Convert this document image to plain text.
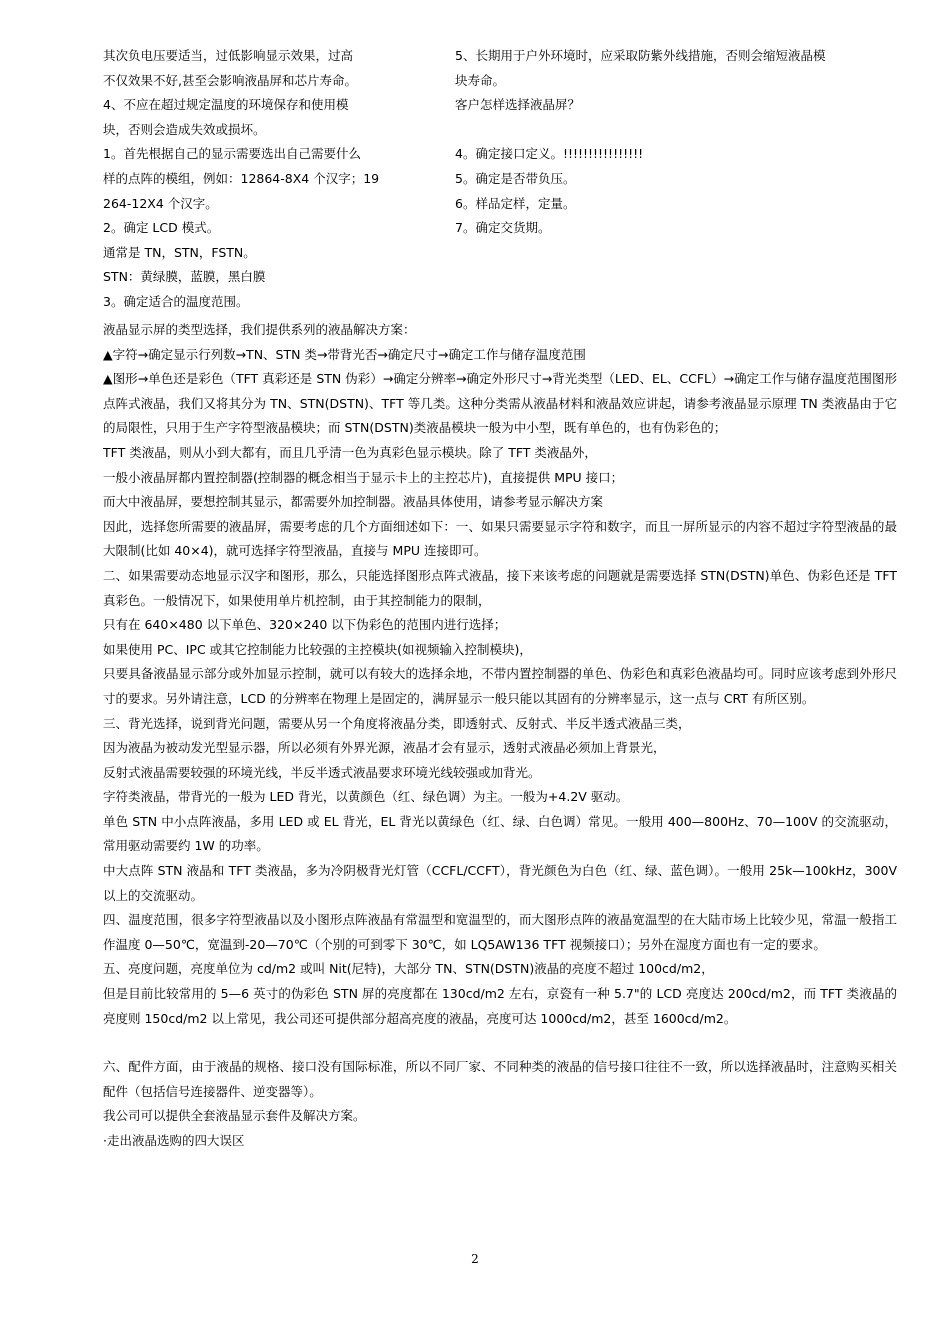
其次负电压要适当，过低影响显示效果，过高

不仅效果不好,甚至会影响液晶屏和芯片寿命。

4、不应在超过规定温度的环境保存和使用模

块，否则会造成失效或损坏。

1。首先根据自己的显示需要选出自己需要什么

样的点阵的模组，例如：12864-8X4 个汉字；19

264-12X4 个汉字。

2。确定 LCD 模式。

通常是 TN，STN，FSTN。

STN：黄绿膜，蓝膜，黑白膜

3。确定适合的温度范围。

5、长期用于户外环境时，应采取防紫外线措施，否则会缩短液晶模

块寿命。

客户怎样选择液晶屏？

4。确定接口定义。!!!!!!!!!!!!!!!!

5。确定是否带负压。

6。样品定样，定量。

7。确定交货期。

液晶显示屏的类型选择，我们提供系列的液晶解决方案：

▲字符→确定显示行列数→TN、STN 类→带背光否→确定尺寸→确定工作与储存温度范围

▲图形→单色还是彩色（TFT 真彩还是 STN 伪彩）→确定分辨率→确定外形尺寸→背光类型（LED、EL、CCFL）→确定工作与储存温度范围图形点阵式液晶，我们又将其分为 TN、STN(DSTN)、TFT 等几类。这种分类需从液晶材料和液晶效应讲起，请参考液晶显示原理 TN 类液晶由于它的局限性，只用于生产字符型液晶模块；而 STN(DSTN)类液晶模块一般为中小型，既有单色的，也有伪彩色的；

TFT 类液晶，则从小到大都有，而且几乎清一色为真彩色显示模块。除了 TFT 类液晶外，

一般小液晶屏都内置控制器(控制器的概念相当于显示卡上的主控芯片)，直接提供 MPU 接口；

而大中液晶屏，要想控制其显示，都需要外加控制器。液晶具体使用，请参考显示解决方案

因此，选择您所需要的液晶屏，需要考虑的几个方面细述如下：一、如果只需要显示字符和数字，而且一屏所显示的内容不超过字符型液晶的最大限制(比如 40×4)，就可选择字符型液晶，直接与 MPU 连接即可。

二、如果需要动态地显示汉字和图形，那么，只能选择图形点阵式液晶，接下来该考虑的问题就是需要选择 STN(DSTN)单色、伪彩色还是 TFT 真彩色。一般情况下，如果使用单片机控制，由于其控制能力的限制，

只有在 640×480 以下单色、320×240 以下伪彩色的范围内进行选择；

如果使用 PC、IPC 或其它控制能力比较强的主控模块(如视频输入控制模块)，

只要具备液晶显示部分或外加显示控制，就可以有较大的选择余地，不带内置控制器的单色、伪彩色和真彩色液晶均可。同时应该考虑到外形尺寸的要求。另外请注意，LCD 的分辨率在物理上是固定的，满屏显示一般只能以其固有的分辨率显示，这一点与 CRT 有所区别。

三、背光选择，说到背光问题，需要从另一个角度将液晶分类，即透射式、反射式、半反半透式液晶三类，

因为液晶为被动发光型显示器，所以必须有外界光源，液晶才会有显示，透射式液晶必须加上背景光，

反射式液晶需要较强的环境光线，半反半透式液晶要求环境光线较强或加背光。

字符类液晶，带背光的一般为 LED 背光，以黄颜色（红、绿色调）为主。一般为+4.2V 驱动。

单色 STN 中小点阵液晶，多用 LED 或 EL 背光，EL 背光以黄绿色（红、绿、白色调）常见。一般用 400—800Hz、70—100V 的交流驱动，常用驱动需要约 1W 的功率。

中大点阵 STN 液晶和 TFT 类液晶，多为冷阴极背光灯管（CCFL/CCFT），背光颜色为白色（红、绿、蓝色调）。一般用 25k—100kHz，300V 以上的交流驱动。

四、温度范围，很多字符型液晶以及小图形点阵液晶有常温型和宽温型的，而大图形点阵的液晶宽温型的在大陆市场上比较少见，常温一般指工作温度 0—50℃，宽温到-20—70℃（个别的可到零下 30℃，如 LQ5AW136 TFT 视频接口）；另外在湿度方面也有一定的要求。

五、亮度问题，亮度单位为 cd/m2 或叫 Nit(尼特)，大部分 TN、STN(DSTN)液晶的亮度不超过 100cd/m2，

但是目前比较常用的 5—6 英寸的伪彩色 STN 屏的亮度都在 130cd/m2 左右，京瓷有一种 5.7"的 LCD 亮度达 200cd/m2，而 TFT 类液晶的亮度则 150cd/m2 以上常见，我公司还可提供部分超高亮度的液晶，亮度可达 1000cd/m2，甚至 1600cd/m2。

六、配件方面，由于液晶的规格、接口没有国际标准，所以不同厂家、不同种类的液晶的信号接口往往不一致，所以选择液晶时，注意购买相关配件（包括信号连接器件、逆变器等）。

我公司可以提供全套液晶显示套件及解决方案。

·走出液晶选购的四大误区

2
